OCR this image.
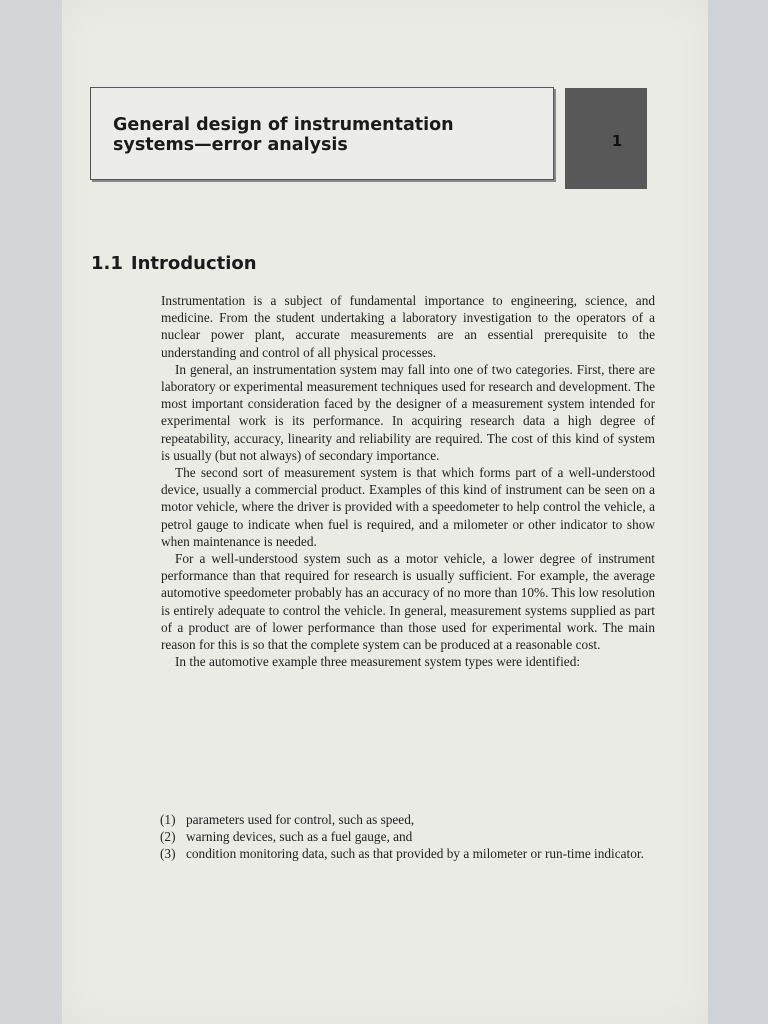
General design of instrumentation
systems—error analysis	1
1.1 Introduction

Instrumentation is a subject of fundamental importance to engineering, science, and medicine. From the student undertaking a laboratory investigation to the operators of a nuclear power plant, accurate measurements are an essential prerequisite to the understanding and control of all physical processes.

In general, an instrumentation system may fall into one of two categories. First, there are laboratory or experimental measurement techniques used for research and development. The most important consideration faced by the designer of a measurement system intended for experimental work is its performance. In acquiring research data a high degree of repeatability, accuracy, linearity and reliability are required. The cost of this kind of system is usually (but not always) of secondary importance.

The second sort of measurement system is that which forms part of a well-understood device, usually a commercial product. Examples of this kind of instrument can be seen on a motor vehicle, where the driver is provided with a speedometer to help control the vehicle, a petrol gauge to indicate when fuel is required, and a milometer or other indicator to show when maintenance is needed.

For a well-understood system such as a motor vehicle, a lower degree of instrument performance than that required for research is usually sufficient. For example, the average automotive speedometer probably has an accuracy of no more than 10%. This low resolution is entirely adequate to control the vehicle. In general, measurement systems supplied as part of a product are of lower performance than those used for experimental work. The main reason for this is so that the complete system can be produced at a reasonable cost.

In the automotive example three measurement system types were identified:

(1) parameters used for control, such as speed,
(2) warning devices, such as a fuel gauge, and
(3) condition monitoring data, such as that provided by a milometer or run-time indicator.
